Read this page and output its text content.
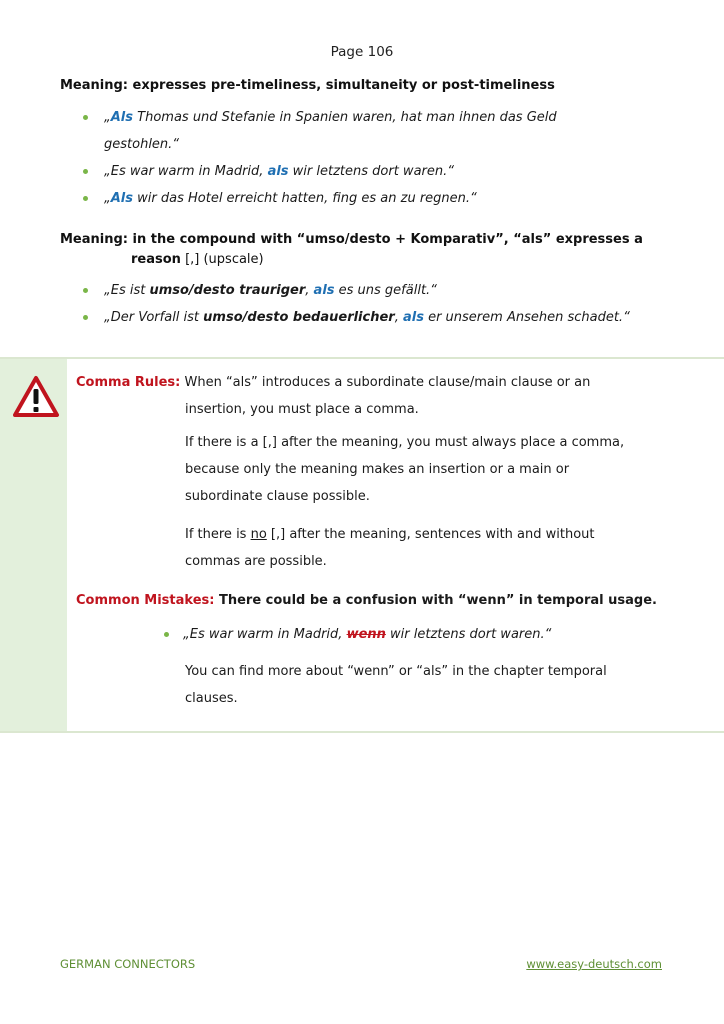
Page 106
Meaning: expresses pre-timeliness, simultaneity or post-timeliness
„Als Thomas und Stefanie in Spanien waren, hat man ihnen das Geld
gestohlen.“
„Es war warm in Madrid, als wir letztens dort waren.“
„Als wir das Hotel erreicht hatten, fing es an zu regnen.“
Meaning: in the compound with “umso/desto + Komparativ”, “als” expresses a
reason [,] (upscale)
„Es ist umso/desto trauriger, als es uns gefällt.“
„Der Vorfall ist umso/desto bedauerlicher, als er unserem Ansehen schadet.“
Comma Rules: When “als” introduces a subordinate clause/main clause or an
insertion, you must place a comma.
If there is a [,] after the meaning, you must always place a comma,
because only the meaning makes an insertion or a main or
subordinate clause possible.
If there is no [,] after the meaning, sentences with and without
commas are possible.
Common Mistakes: There could be a confusion with “wenn” in temporal usage.
„Es war warm in Madrid, wenn wir letztens dort waren.“
You can find more about “wenn” or “als” in the chapter temporal
clauses.
GERMAN CONNECTORS	www.easy-deutsch.com
